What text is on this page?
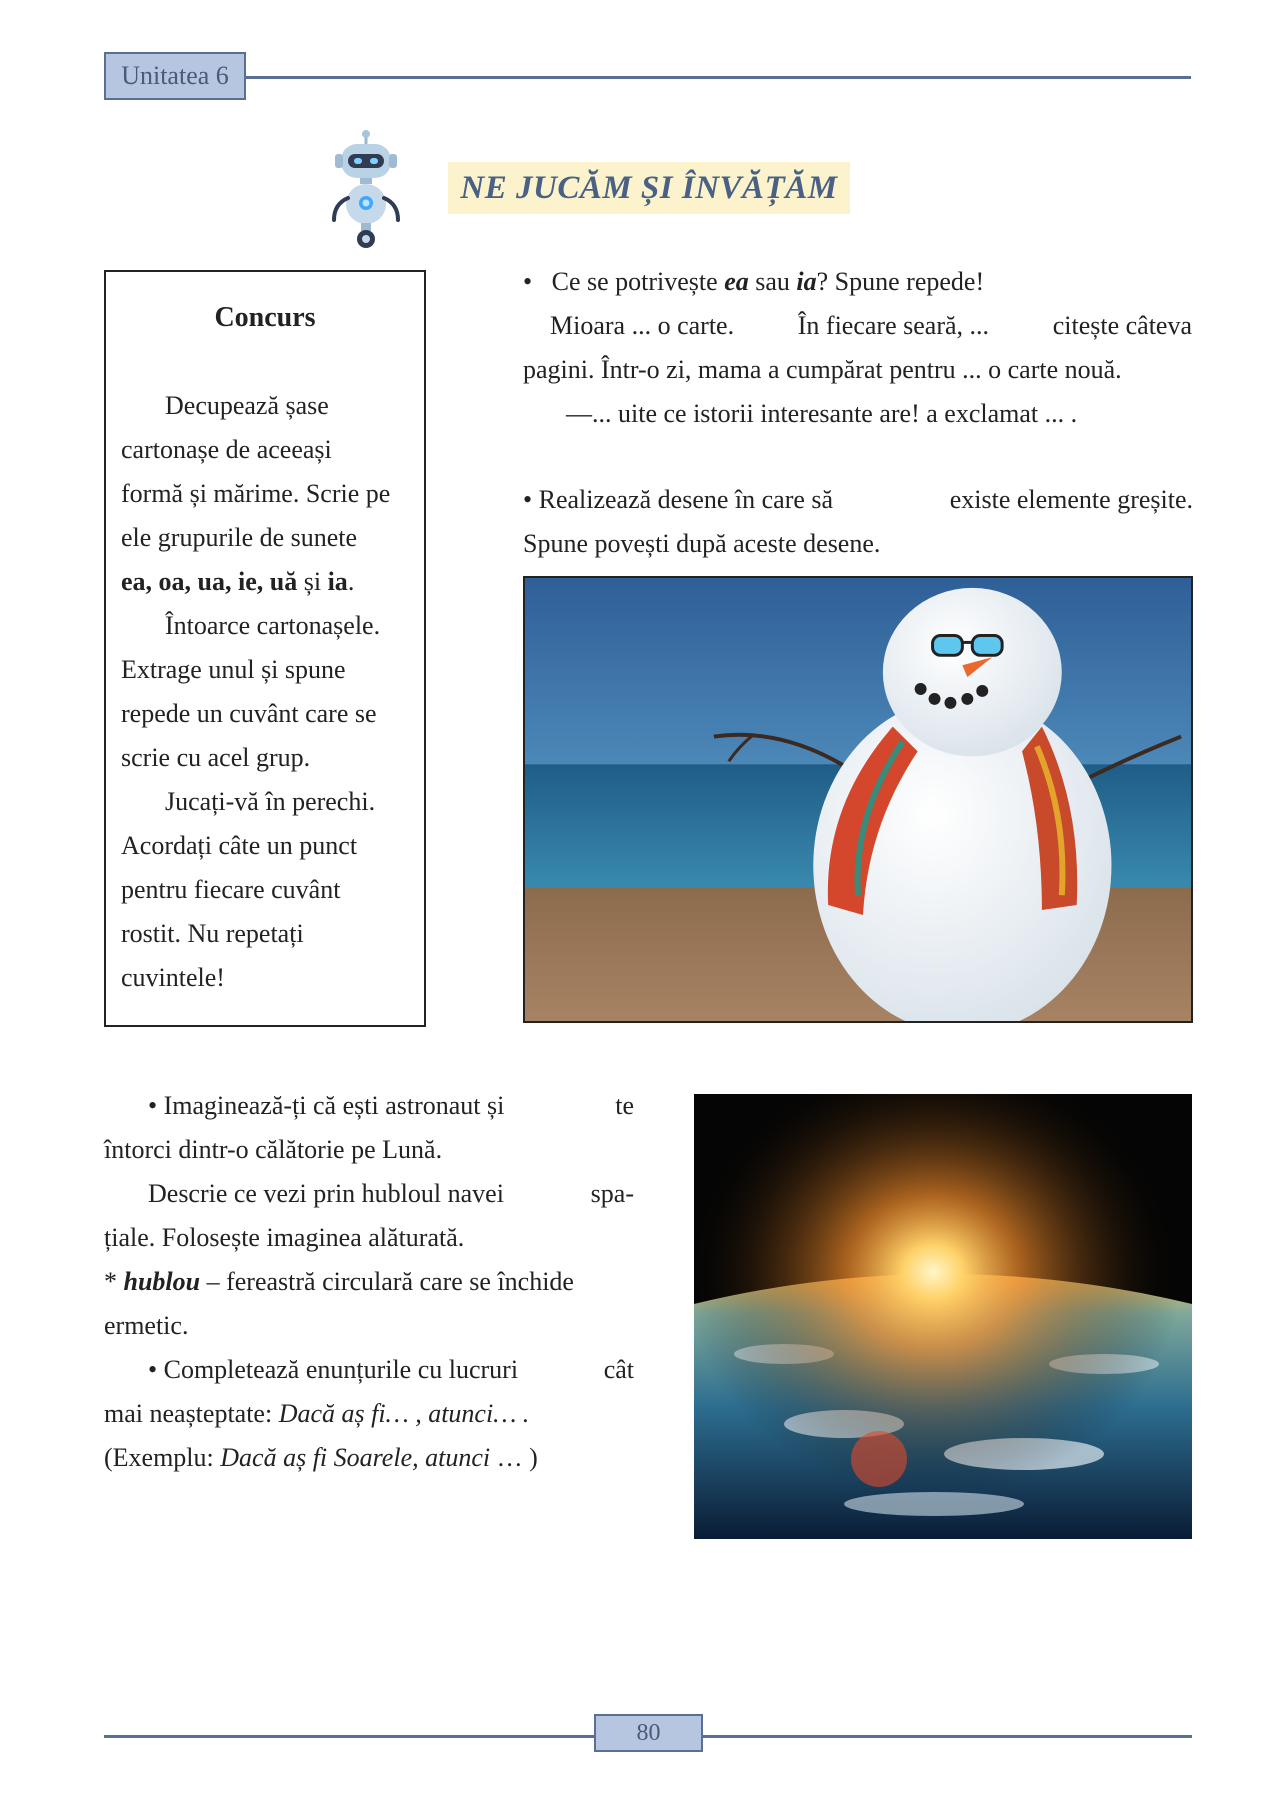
Unitatea 6
NE JUCĂM ȘI ÎNVĂȚĂM
Concurs
Decupează șase
cartonașe de aceeași
formă și mărime. Scrie pe
ele grupurile de sunete
ea, oa, ua, ie, uă și ia.
Întoarce cartonașele.
Extrage unul și spune
repede un cuvânt care se
scrie cu acel grup.
Jucați-vă în perechi.
Acordați câte un punct
pentru fiecare cuvânt
rostit. Nu repetați
cuvintele!
• Ce se potrivește ea sau ia? Spune repede!
Mioara ... o carte. În fiecare seară, ... citește câteva
pagini. Într-o zi, mama a cumpărat pentru ... o carte nouă.
—... uite ce istorii interesante are! a exclamat ... .
• Realizează desene în care să	existe elemente greșite.
Spune povești după aceste desene.
• Imaginează-ți că ești astronaut și	te
întorci dintr-o călătorie pe Lună.
Descrie ce vezi prin hubloul navei	spa-
țiale. Folosește imaginea alăturată.
* hublou – fereastră circulară care se închide
ermetic.
• Completează enunțurile cu lucruri	cât
mai neașteptate: Dacă aș fi… , atunci… .
(Exemplu: Dacă aș fi Soarele, atunci … )
80
